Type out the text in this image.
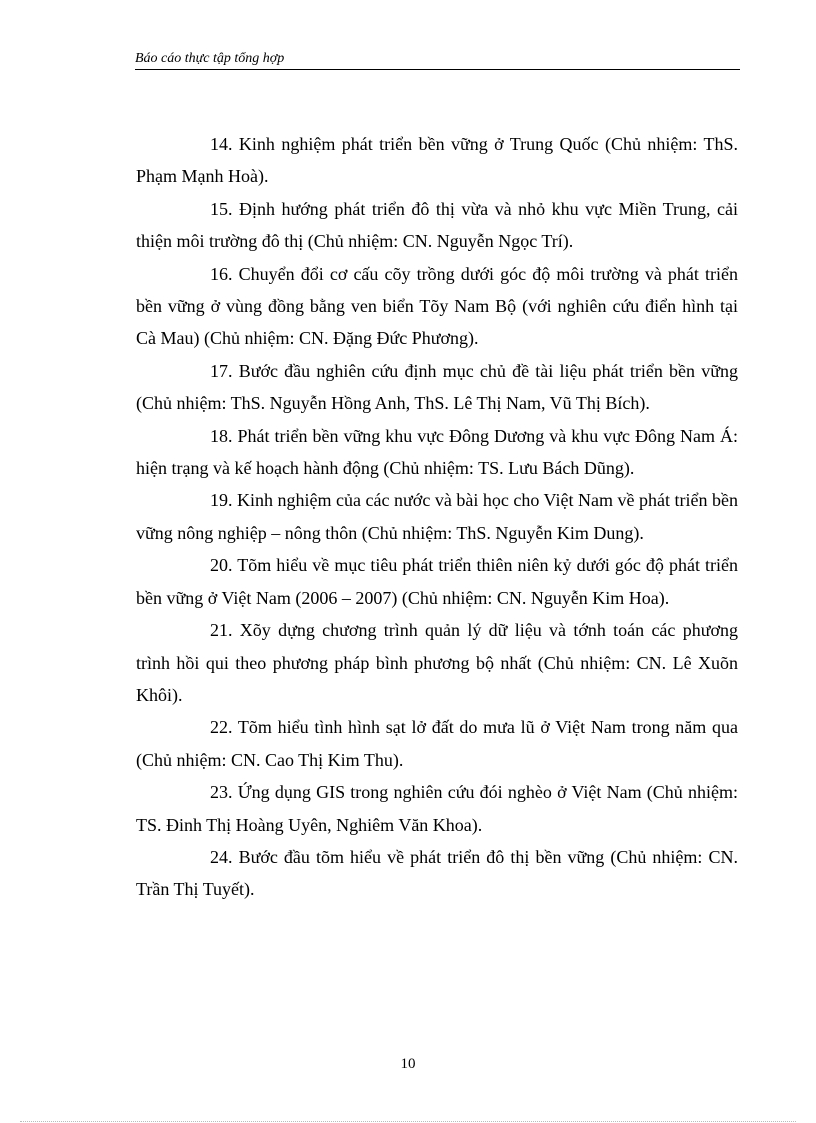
Báo cáo thực tập tổng hợp

14. Kinh nghiệm phát triển bền vững ở Trung Quốc (Chủ nhiệm: ThS. Phạm Mạnh Hoà).

15. Định hướng phát triển đô thị vừa và nhỏ khu vực Miền Trung, cải thiện môi trường đô thị (Chủ nhiệm: CN. Nguyễn Ngọc Trí).

16. Chuyển đổi cơ cấu cõy trồng dưới góc độ môi trường và phát triển bền vững ở vùng đồng bằng ven biển Tõy Nam Bộ (với nghiên cứu điển hình tại Cà Mau) (Chủ nhiệm: CN. Đặng Đức Phương).

17. Bước đầu nghiên cứu định mục chủ đề tài liệu phát triển bền vững (Chủ nhiệm: ThS. Nguyễn Hồng Anh, ThS. Lê Thị Nam, Vũ Thị Bích).

18. Phát triển bền vững khu vực Đông Dương và khu vực Đông Nam Á: hiện trạng và kế hoạch hành động (Chủ nhiệm: TS. Lưu Bách Dũng).

19. Kinh nghiệm của các nước và bài học cho Việt Nam về phát triển bền vững nông nghiệp – nông thôn (Chủ nhiệm: ThS. Nguyễn Kim Dung).

20. Tõm hiểu về mục tiêu phát triển thiên niên kỷ dưới góc độ phát triển bền vững ở Việt Nam (2006 – 2007) (Chủ nhiệm: CN. Nguyễn Kim Hoa).

21. Xõy dựng chương trình quản lý dữ liệu và tớnh toán các phương trình hồi qui theo phương pháp bình phương bộ nhất (Chủ nhiệm: CN. Lê Xuõn Khôi).

22. Tõm hiểu tình hình sạt lở đất do mưa lũ ở Việt Nam trong năm qua (Chủ nhiệm: CN. Cao Thị Kim Thu).

23. Ứng dụng GIS trong nghiên cứu đói nghèo ở Việt Nam (Chủ nhiệm: TS. Đinh Thị Hoàng Uyên, Nghiêm Văn Khoa).

24. Bước đầu tõm hiểu về phát triển đô thị bền vững (Chủ nhiệm: CN. Trần Thị Tuyết).

10
